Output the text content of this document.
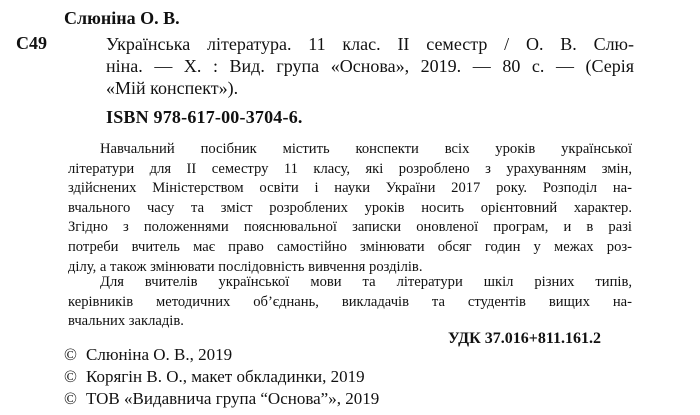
Слюніна О. В.
С49	Українська література. 11 клас. II семестр / О. В. Слю-
ніна. — Х. : Вид. група «Основа», 2019. — 80 с. — (Серія
«Мій конспект»).
ISBN 978-617-00-3704-6.
Навчальний посібник містить конспекти всіх уроків української
літератури для II семестру 11 класу, які розроблено з урахуванням змін,
здійснених Міністерством освіти і науки України 2017 року. Розподіл на-
вчального часу та зміст розроблених уроків носить орієнтовний характер.
Згідно з положеннями пояснювальної записки оновленої програм, и в разі
потреби вчитель має право самостійно змінювати обсяг годин у межах роз-
ділу, а також змінювати послідовність вивчення розділів.
Для вчителів української мови та літератури шкіл різних типів,
керівників методичних об’єднань, викладачів та студентів вищих на-
вчальних закладів.
УДК 37.016+811.161.2
© Слюніна О. В., 2019
© Корягін В. О., макет обкладинки, 2019
© ТОВ «Видавнича група “Основа”», 2019
